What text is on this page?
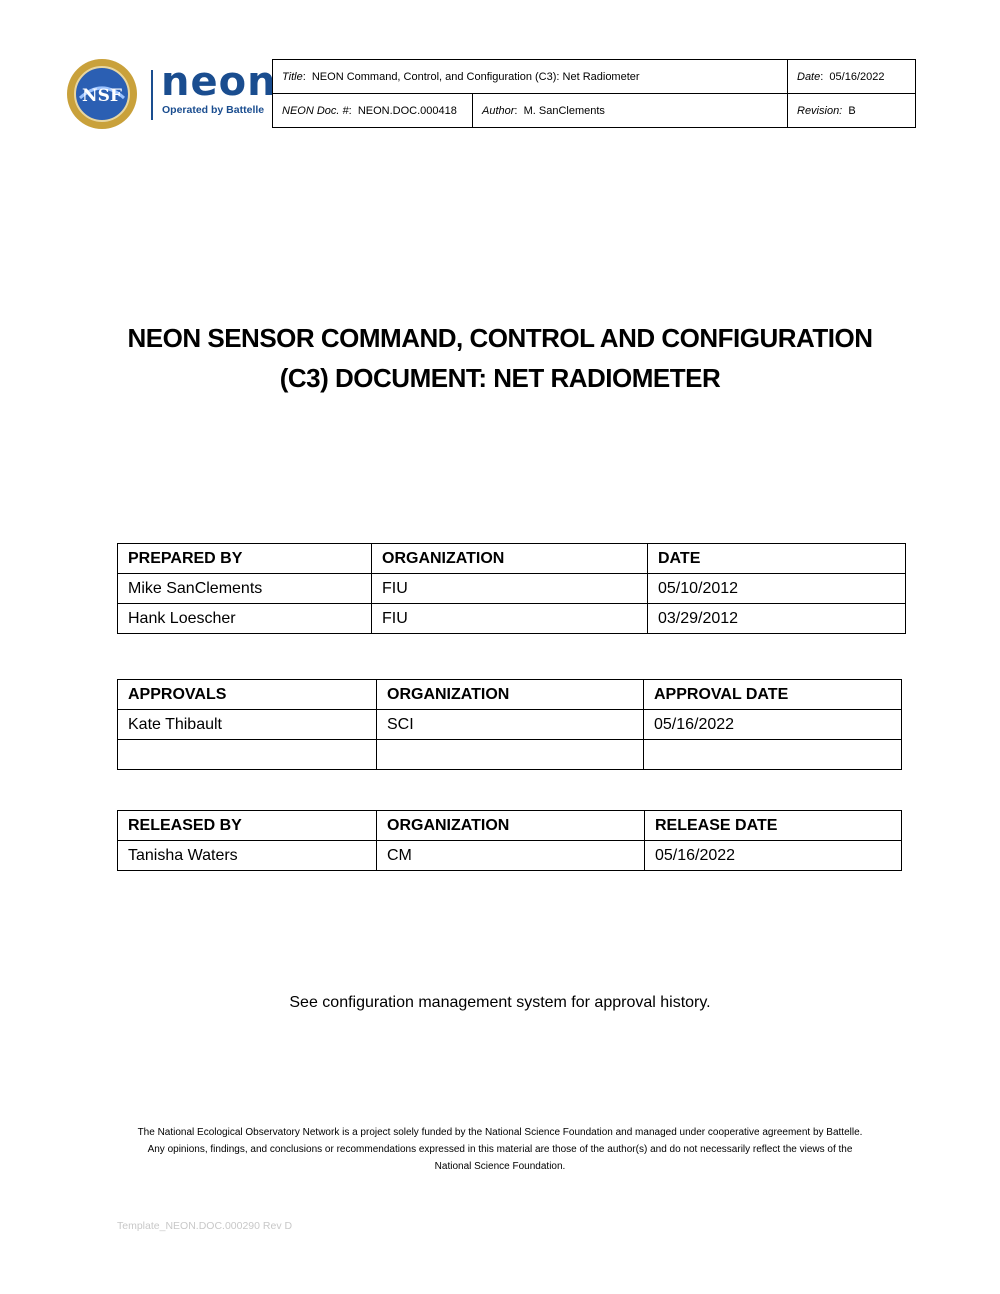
NSF neon
Operated by Battelle
Title:  NEON Command, Control, and Configuration (C3): Net Radiometer		Date:  05/16/2022
NEON Doc. #:  NEON.DOC.000418	Author:  M. SanClements	Revision: B
NEON SENSOR COMMAND, CONTROL AND CONFIGURATION
(C3) DOCUMENT: NET RADIOMETER
PREPARED BY	ORGANIZATION	DATE
Mike SanClements	FIU	05/10/2012
Hank Loescher	FIU	03/29/2012
APPROVALS	ORGANIZATION	APPROVAL DATE
Kate Thibault	SCI	05/16/2022

RELEASED BY	ORGANIZATION	RELEASE DATE
Tanisha Waters	CM	05/16/2022
See configuration management system for approval history.
The National Ecological Observatory Network is a project solely funded by the National Science Foundation and managed under cooperative agreement by Battelle.
Any opinions, findings, and conclusions or recommendations expressed in this material are those of the author(s) and do not necessarily reflect the views of the
National Science Foundation.
Template_NEON.DOC.000290 Rev D
